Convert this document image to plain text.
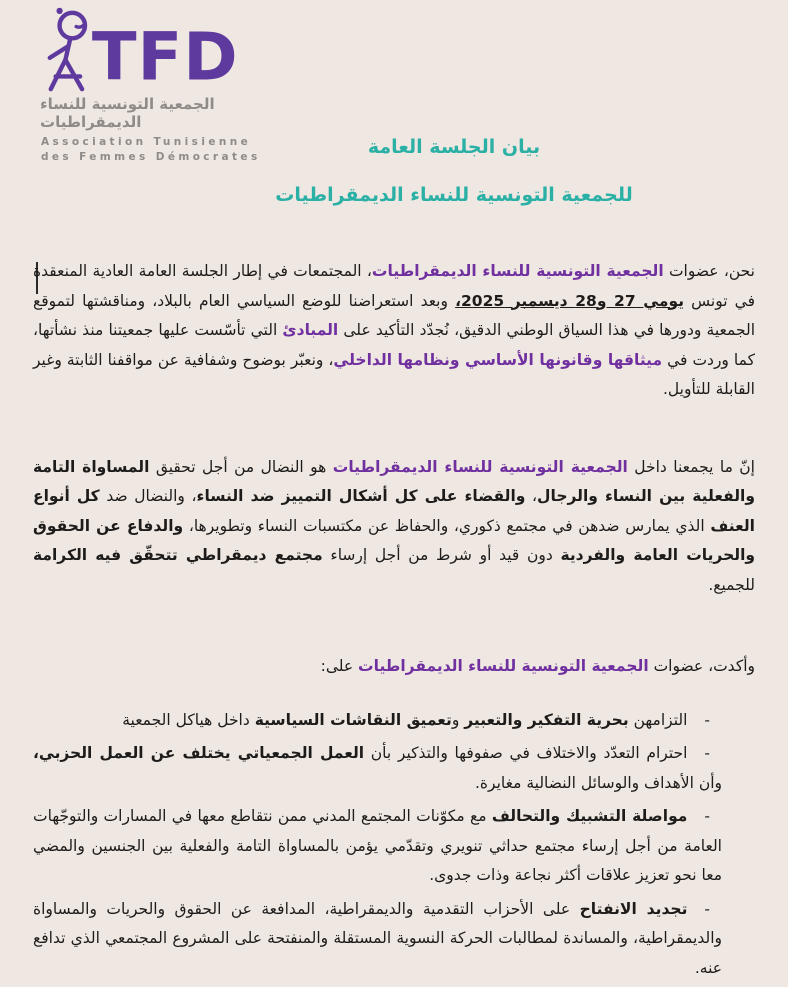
TFD
الجمعية التونسية للنساء الديمقراطيات
Association Tunisienne
des Femmes Démocrates	بيان الجلسة العامة
للجمعية التونسية للنساء الديمقراطيات

نحن، عضوات الجمعية التونسية للنساء الديمقراطيات، المجتمعات في إطار الجلسة العامة العادية المنعقدة في تونس يومي 27 و28 ديسمبر 2025، وبعد استعراضنا للوضع السياسي العام بالبلاد، ومناقشتها لتموقع الجمعية ودورها في هذا السياق الوطني الدقيق، نُجدّد التأكيد على المبادئ التي تأسّست عليها جمعيتنا منذ نشأتها، كما وردت في ميثاقها وقانونها الأساسي ونظامها الداخلي، ونعبّر بوضوح وشفافية عن مواقفنا الثابتة وغير القابلة للتأويل.

إنّ ما يجمعنا داخل الجمعية التونسية للنساء الديمقراطيات هو النضال من أجل تحقيق المساواة التامة والفعلية بين النساء والرجال، والقضاء على كل أشكال التمييز ضد النساء، والنضال ضد كل أنواع العنف الذي يمارس ضدهن في مجتمع ذكوري، والحفاظ عن مكتسبات النساء وتطويرها، والدفاع عن الحقوق والحريات العامة والفردية دون قيد أو شرط من أجل إرساء مجتمع ديمقراطي تتحقّق فيه الكرامة للجميع.

وأكدت، عضوات الجمعية التونسية للنساء الديمقراطيات على:

-التزامهن بحرية التفكير والتعبير وتعميق النقاشات السياسية داخل هياكل الجمعية

-احترام التعدّد والاختلاف في صفوفها والتذكير بأن العمل الجمعياتي يختلف عن العمل الحزبي، وأن الأهداف والوسائل النضالية مغايرة.

-مواصلة التشبيك والتحالف مع مكوّنات المجتمع المدني ممن نتقاطع معها في المسارات والتوجّهات العامة من أجل إرساء مجتمع حداثي تنويري وتقدّمي يؤمن بالمساواة التامة والفعلية بين الجنسين والمضي معا نحو تعزيز علاقات أكثر نجاعة وذات جدوى.

-تجديد الانفتاح على الأحزاب التقدمية والديمقراطية، المدافعة عن الحقوق والحريات والمساواة والديمقراطية، والمساندة لمطالبات الحركة النسوية المستقلة والمنفتحة على المشروع المجتمعي الذي تدافع عنه.
